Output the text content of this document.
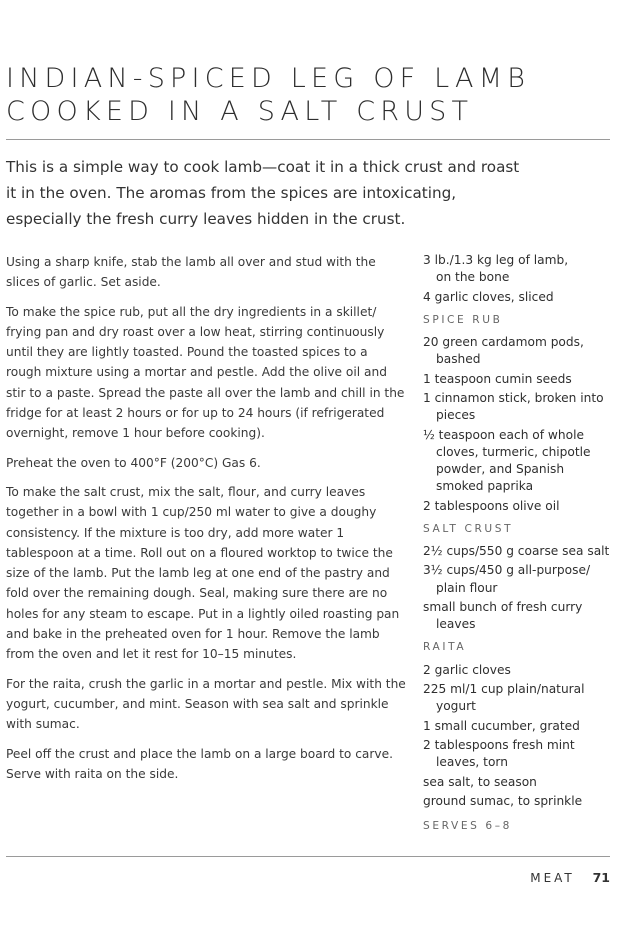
INDIAN-SPICED LEG OF LAMB
COOKED IN A SALT CRUST
This is a simple way to cook lamb—coat it in a thick crust and roast
it in the oven. The aromas from the spices are intoxicating,
especially the fresh curry leaves hidden in the crust.

Using a sharp knife, stab the lamb all over and stud with the
slices of garlic. Set aside.

To make the spice rub, put all the dry ingredients in a skillet/
frying pan and dry roast over a low heat, stirring continuously
until they are lightly toasted. Pound the toasted spices to a
rough mixture using a mortar and pestle. Add the olive oil and
stir to a paste. Spread the paste all over the lamb and chill in the
fridge for at least 2 hours or for up to 24 hours (if refrigerated
overnight, remove 1 hour before cooking).

Preheat the oven to 400°F (200°C) Gas 6.

To make the salt crust, mix the salt, flour, and curry leaves
together in a bowl with 1 cup/250 ml water to give a doughy
consistency. If the mixture is too dry, add more water 1
tablespoon at a time. Roll out on a floured worktop to twice the
size of the lamb. Put the lamb leg at one end of the pastry and
fold over the remaining dough. Seal, making sure there are no
holes for any steam to escape. Put in a lightly oiled roasting pan
and bake in the preheated oven for 1 hour. Remove the lamb
from the oven and let it rest for 10–15 minutes.

For the raita, crush the garlic in a mortar and pestle. Mix with the
yogurt, cucumber, and mint. Season with sea salt and sprinkle
with sumac.

Peel off the crust and place the lamb on a large board to carve.
Serve with raita on the side.

3 lb./1.3 kg leg of lamb,
on the bone
4 garlic cloves, sliced
SPICE RUB
20 green cardamom pods,
bashed
1 teaspoon cumin seeds
1 cinnamon stick, broken into
pieces
½ teaspoon each of whole
cloves, turmeric, chipotle
powder, and Spanish
smoked paprika
2 tablespoons olive oil
SALT CRUST
2½ cups/550 g coarse sea salt
3½ cups/450 g all-purpose/
plain flour
small bunch of fresh curry
leaves
RAITA
2 garlic cloves
225 ml/1 cup plain/natural
yogurt
1 small cucumber, grated
2 tablespoons fresh mint
leaves, torn
sea salt, to season
ground sumac, to sprinkle
SERVES 6–8
MEAT 71
